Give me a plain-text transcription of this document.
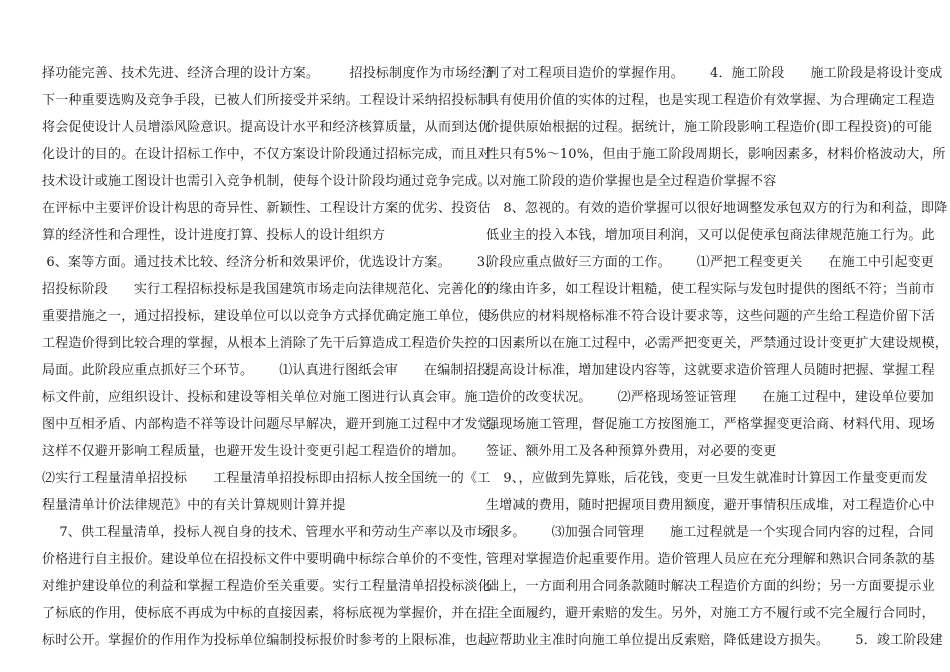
择功能完善、技术先进、经济合理的设计方案。       招投标制度作为市场经济
下一种重要选购及竞争手段，已被人们所接受并采纳。工程设计采纳招投标制
将会促使设计人员增添风险意识。提高设计水平和经济核算质量，从而到达优
化设计的目的。在设计招标工作中，不仅方案设计阶段通过招标完成，而且对
技术设计或施工图设计也需引入竞争机制，使每个设计阶段均通过竞争完成。
在评标中主要评价设计构思的奇异性、新颖性、工程设计方案的优劣、投资估
算的经济性和合理性，设计进度打算、投标人的设计组织方
6、案等方面。通过技术比较、经济分析和效果评价，优选设计方案。      3、
招投标阶段      实行工程招标投标是我国建筑市场走向法律规范化、完善化的
重要措施之一，通过招投标，建设单位可以以竞争方式择优确定施工单位，使
工程造价得到比较合理的掌握，从根本上消除了先干后算造成工程造价失控的
局面。此阶段应重点抓好三个环节。      ⑴认真进行图纸会审      在编制招投
标文件前，应组织设计、投标和建设等相关单位对施工图进行认真会审。施工
图中互相矛盾、内部构造不祥等设计问题尽早解决，避开到施工过程中才发觉。
这样不仅避开影响工程质量，也避开发生设计变更引起工程造价的增加。
⑵实行工程量清单招投标      工程量清单招投标即由招标人按全国统一的《工
程量清单计价法律规范》中的有关计算规则计算并提
7、供工程量清单，投标人视自身的技术、管理水平和劳动生产率以及市场
价格进行自主报价。建设单位在招投标文件中要明确中标综合单价的不变性，
对维护建设单位的利益和掌握工程造价至关重要。实行工程量清单招投标淡化
了标底的作用，使标底不再成为中标的直接因素，将标底视为掌握价，并在招
标时公开。掌握价的作用作为投标单位编制投标报价时参考的上限标准，也起
到了对工程项目造价的掌握作用。      4．施工阶段      施工阶段是将设计变成
具有使用价值的实体的过程，也是实现工程造价有效掌握、为合理确定工程造
价提供原始根据的过程。据统计，施工阶段影响工程造价(即工程投资)的可能
性只有5%～10%，但由于施工阶段周期长，影响因素多，材料价格波动大，所
以对施工阶段的造价掌握也是全过程造价掌握不容
8、忽视的。有效的造价掌握可以很好地调整发承包双方的行为和利益，即降
低业主的投入本钱，增加项目利润，又可以促使承包商法律规范施工行为。此
阶段应重点做好三方面的工作。      ⑴严把工程变更关      在施工中引起变更
的缘由许多，如工程设计粗糙，使工程实际与发包时提供的图纸不符；当前市
场供应的材料规格标准不符合设计要求等，这些问题的产生给工程造价留下活
口因素所以在施工过程中，必需严把变更关，严禁通过设计变更扩大建设规模，
提高设计标准，增加建设内容等，这就要求造价管理人员随时把握、掌握工程
造价的改变状况。      ⑵严格现场签证管理      在施工过程中，建设单位要加
强现场施工管理，督促施工方按图施工，严格掌握变更洽商、材料代用、现场
签证、额外用工及各种预算外费用，对必要的变更
9、，应做到先算账，后花钱，变更一旦发生就准时计算因工作量变更而发
生增减的费用，随时把握项目费用额度，避开事情积压成堆，对工程造价心中
很多。      ⑶加强合同管理      施工过程就是一个实现合同内容的过程，合同
管理对掌握造价起重要作用。造价管理人员应在充分理解和熟识合同条款的基
础上，一方面利用合同条款随时解决工程造价方面的纠纷；另一方面要提示业
主全面履约，避开索赔的发生。另外，对施工方不履行或不完全履行合同时，
应帮助业主准时向施工单位提出反索赔，降低建设方损失。      5．竣工阶段建
